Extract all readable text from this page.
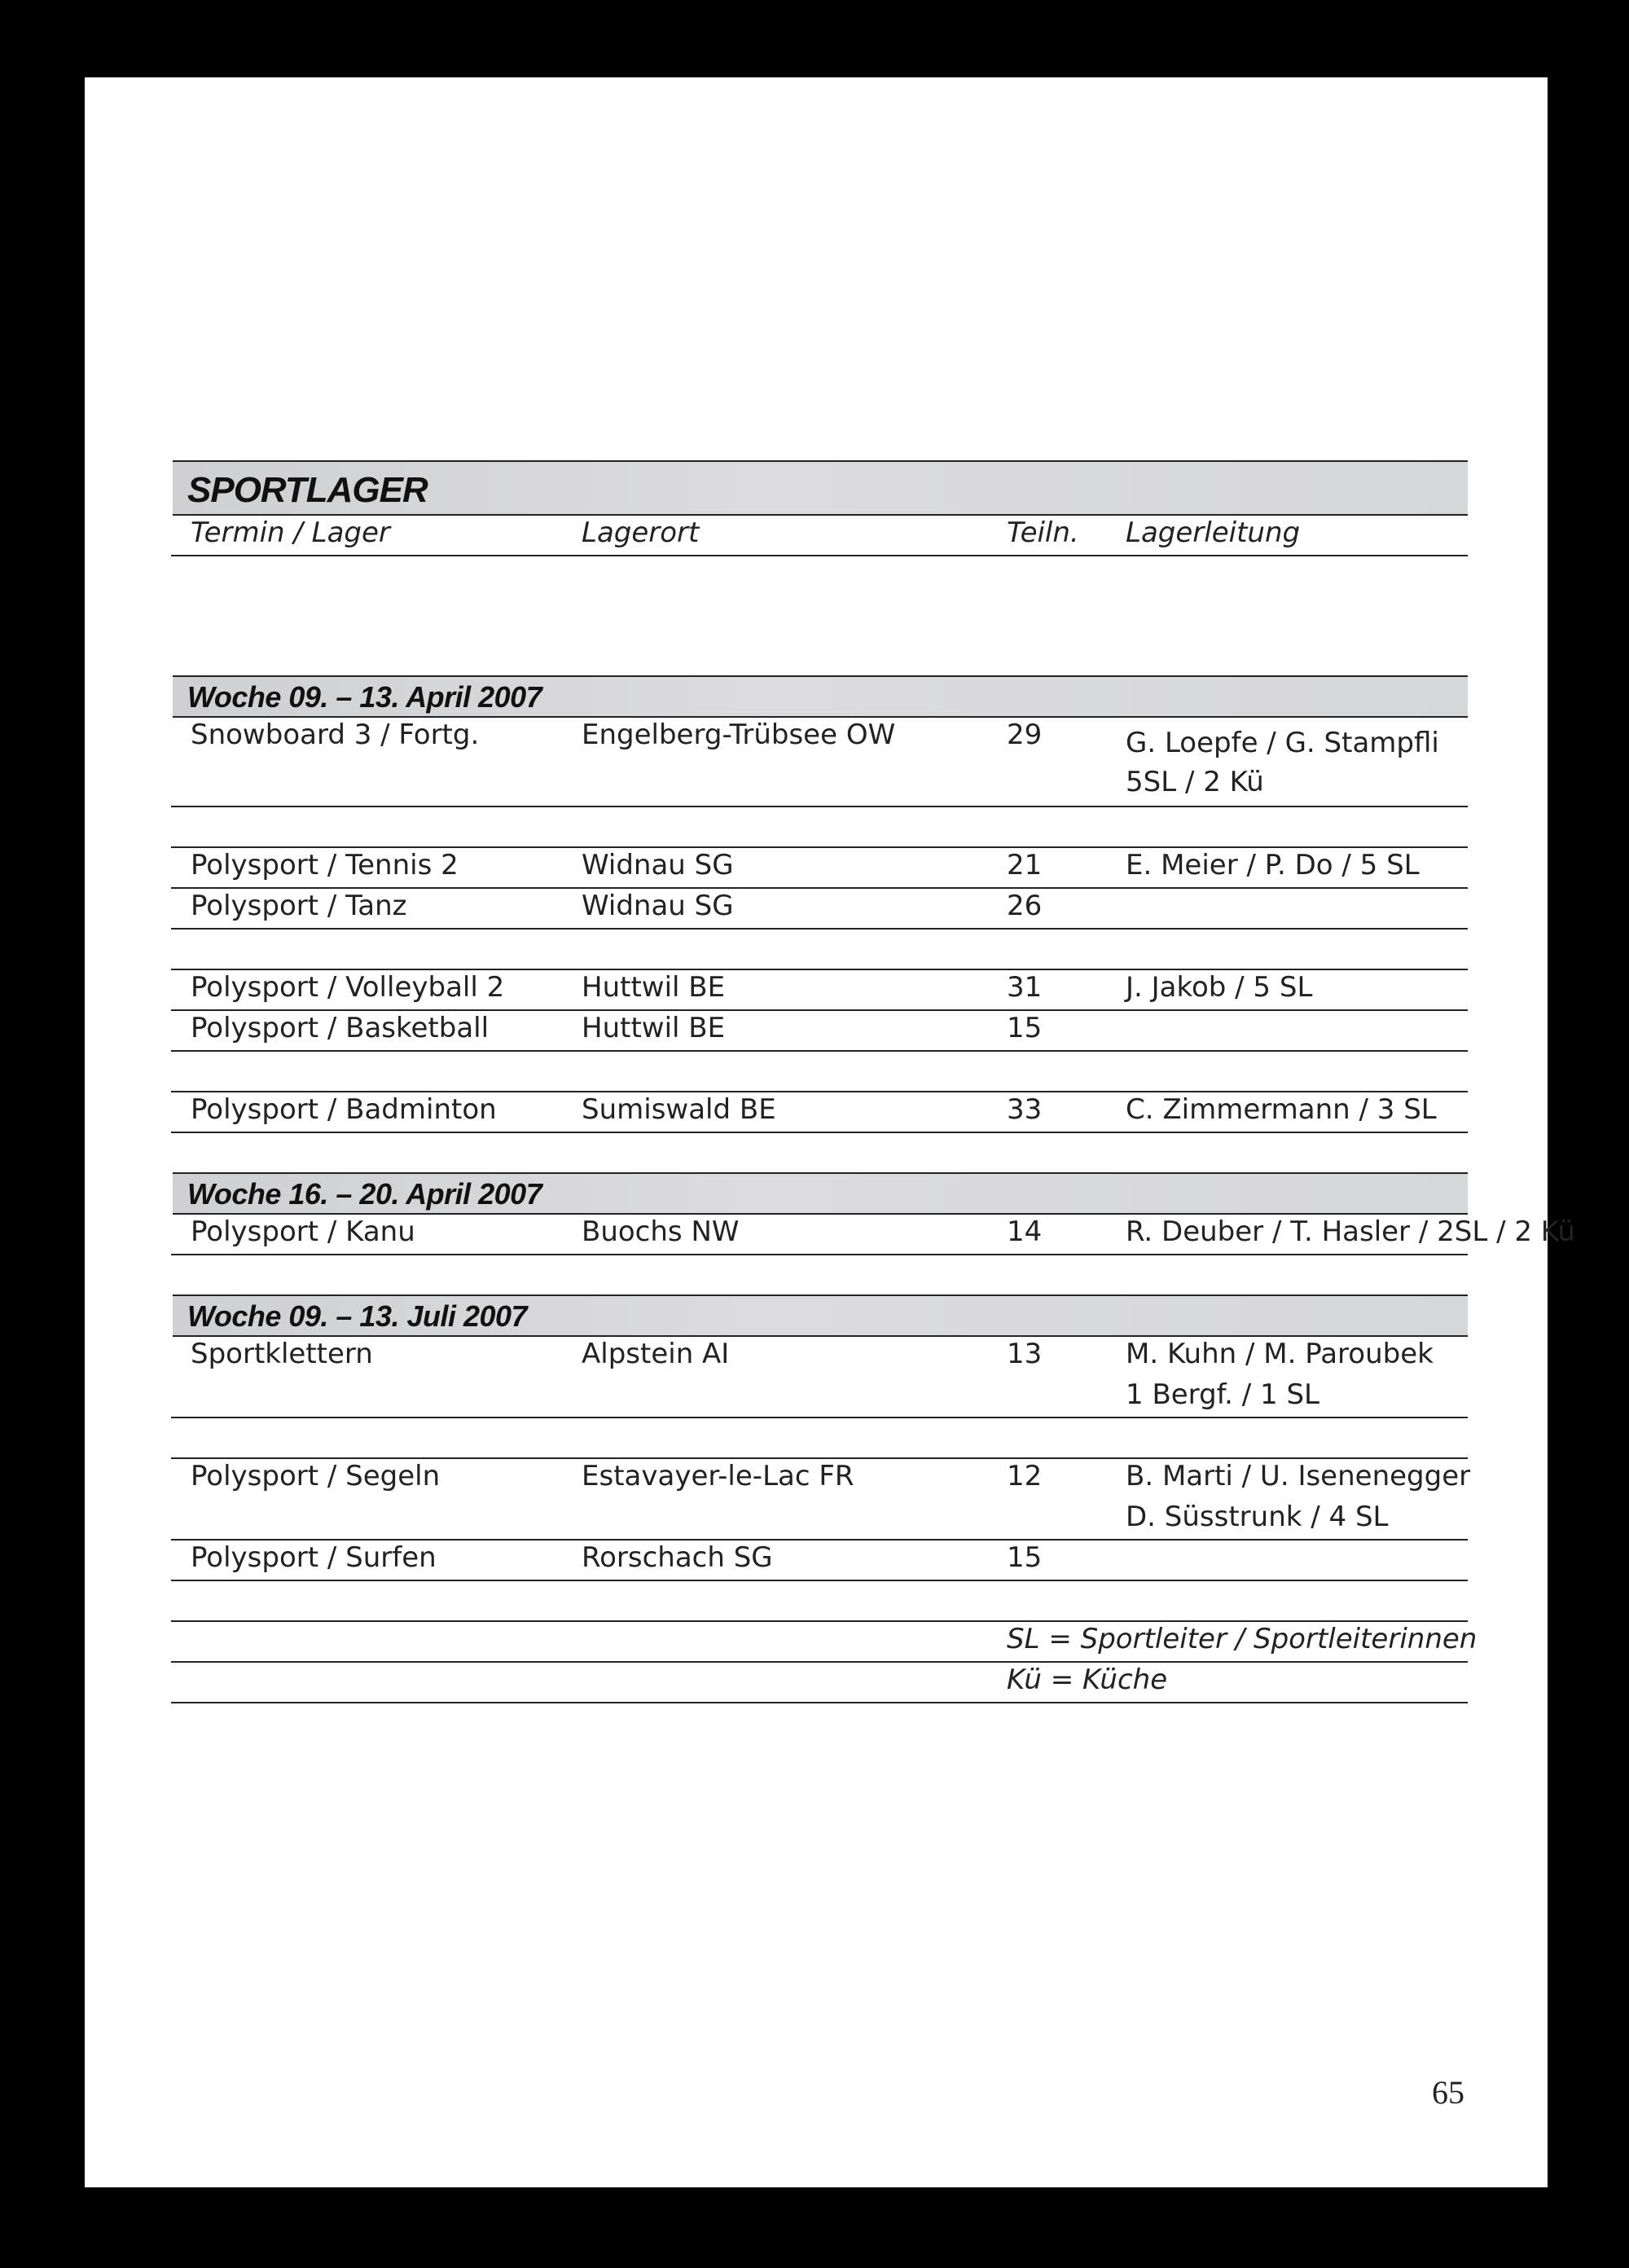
SPORTLAGER
Termin / Lager	Lagerort	Teiln. Lagerleitung
Woche 09. – 13. April 2007
Snowboard 3 / Fortg.	Engelberg-Trübsee OW	29	G. Loepfe / G. Stampfli
5SL / 2 Kü
Polysport / Tennis 2	Widnau SG	21	E. Meier / P. Do / 5 SL
Polysport / Tanz	Widnau SG	26
Polysport / Volleyball 2	Huttwil BE	31	J. Jakob / 5 SL
Polysport / Basketball	Huttwil BE	15
Polysport / Badminton	Sumiswald BE	33	C. Zimmermann / 3 SL
Woche 16. – 20. April 2007
Polysport / Kanu	Buochs NW	14	R. Deuber / T. Hasler / 2SL / 2 Kü
Woche 09. – 13. Juli 2007
Sportklettern	Alpstein AI	13	M. Kuhn / M. Paroubek
1 Bergf. / 1 SL
Polysport / Segeln	Estavayer-le-Lac FR	12	B. Marti / U. Isenenegger
D. Süsstrunk / 4 SL
Polysport / Surfen	Rorschach SG	15
SL = Sportleiter / Sportleiterinnen
Kü = Küche
65
